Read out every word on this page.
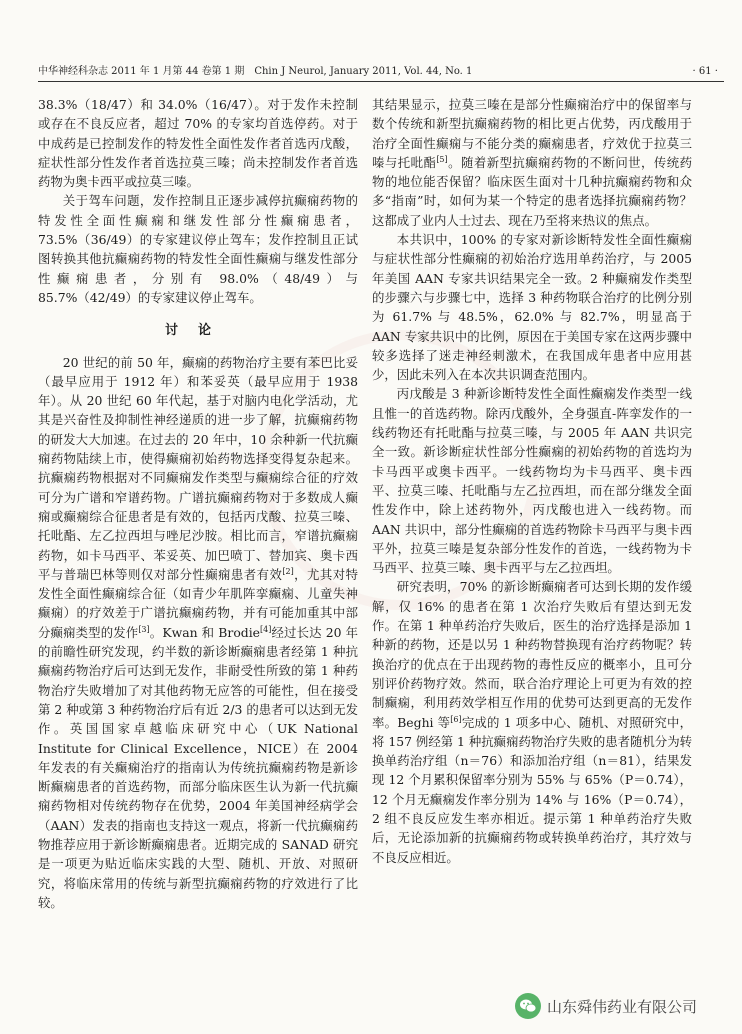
中华神经科杂志 2011 年 1 月第 44 卷第 1 期　Chin J Neurol, January 2011, Vol. 44, No. 1	· 61 ·

38.3%（18/47）和 34.0%（16/47）。对于发作未控制或存在不良反应者，超过 70% 的专家均首选停药。对于中成药是已控制发作的特发性全面性发作者首选丙戊酸，症状性部分性发作者首选拉莫三嗪；尚未控制发作者首选药物为奥卡西平或拉莫三嗪。

关于驾车问题，发作控制且正逐步减停抗癫痫药物的特发性全面性癫痫和继发性部分性癫痫患者，73.5%（36/49）的专家建议停止驾车；发作控制且正试图转换其他抗癫痫药物的特发性全面性癫痫与继发性部分性癫痫患者，分别有 98.0%（48/49）与 85.7%（42/49）的专家建议停止驾车。

讨论

20 世纪的前 50 年，癫痫的药物治疗主要有苯巴比妥（最早应用于 1912 年）和苯妥英（最早应用于 1938 年）。从 20 世纪 60 年代起，基于对脑内电化学活动，尤其是兴奋性及抑制性神经递质的进一步了解，抗癫痫药物的研发大大加速。在过去的 20 年中，10 余种新一代抗癫痫药物陆续上市，使得癫痫初始药物选择变得复杂起来。抗癫痫药物根据对不同癫痫发作类型与癫痫综合征的疗效可分为广谱和窄谱药物。广谱抗癫痫药物对于多数成人癫痫或癫痫综合征患者是有效的，包括丙戊酸、拉莫三嗪、托吡酯、左乙拉西坦与唑尼沙胺。相比而言，窄谱抗癫痫药物，如卡马西平、苯妥英、加巴喷丁、替加宾、奥卡西平与普瑞巴林等则仅对部分性癫痫患者有效[2]，尤其对特发性全面性癫痫综合征（如青少年肌阵挛癫痫、儿童失神癫痫）的疗效差于广谱抗癫痫药物，并有可能加重其中部分癫痫类型的发作[3]。Kwan 和 Brodie[4]经过长达 20 年的前瞻性研究发现，约半数的新诊断癫痫患者经第 1 种抗癫痫药物治疗后可达到无发作，非耐受性所致的第 1 种药物治疗失败增加了对其他药物无应答的可能性，但在接受第 2 种或第 3 种药物治疗后有近 2/3 的患者可以达到无发作。英国国家卓越临床研究中心（UK National Institute for Clinical Excellence，NICE）在 2004 年发表的有关癫痫治疗的指南认为传统抗癫痫药物是新诊断癫痫患者的首选药物，而部分临床医生认为新一代抗癫痫药物相对传统药物存在优势，2004 年美国神经病学会（AAN）发表的指南也支持这一观点，将新一代抗癫痫药物推荐应用于新诊断癫痫患者。近期完成的 SANAD 研究是一项更为贴近临床实践的大型、随机、开放、对照研究，将临床常用的传统与新型抗癫痫药物的疗效进行了比较。

其结果显示，拉莫三嗪在是部分性癫痫治疗中的保留率与数个传统和新型抗癫痫药物的相比更占优势，丙戊酸用于治疗全面性癫痫与不能分类的癫痫患者，疗效优于拉莫三嗪与托吡酯[5]。随着新型抗癫痫药物的不断问世，传统药物的地位能否保留？临床医生面对十几种抗癫痫药物和众多“指南”时，如何为某一个特定的患者选择抗癫痫药物？这都成了业内人士过去、现在乃至将来热议的焦点。

本共识中，100% 的专家对新诊断特发性全面性癫痫与症状性部分性癫痫的初始治疗选用单药治疗，与 2005 年美国 AAN 专家共识结果完全一致。2 种癫痫发作类型的步骤六与步骤七中，选择 3 种药物联合治疗的比例分别为 61.7% 与 48.5%，62.0% 与 82.7%，明显高于 AAN 专家共识中的比例，原因在于美国专家在这两步骤中较多选择了迷走神经刺激术，在我国成年患者中应用甚少，因此未列入在本次共识调查范围内。

丙戊酸是 3 种新诊断特发性全面性癫痫发作类型一线且惟一的首选药物。除丙戊酸外，全身强直-阵挛发作的一线药物还有托吡酯与拉莫三嗪，与 2005 年 AAN 共识完全一致。新诊断症状性部分性癫痫的初始药物的首选均为卡马西平或奥卡西平。一线药物均为卡马西平、奥卡西平、拉莫三嗪、托吡酯与左乙拉西坦，而在部分继发全面性发作中，除上述药物外，丙戊酸也进入一线药物。而 AAN 共识中，部分性癫痫的首选药物除卡马西平与奥卡西平外，拉莫三嗪是复杂部分性发作的首选，一线药物为卡马西平、拉莫三嗪、奥卡西平与左乙拉西坦。

研究表明，70% 的新诊断癫痫者可达到长期的发作缓解，仅 16% 的患者在第 1 次治疗失败后有望达到无发作。在第 1 种单药治疗失败后，医生的治疗选择是添加 1 种新的药物，还是以另 1 种药物替换现有治疗药物呢？转换治疗的优点在于出现药物的毒性反应的概率小，且可分别评价药物疗效。然而，联合治疗理论上可更为有效的控制癫痫，利用药效学相互作用的优势可达到更高的无发作率。Beghi 等[6]完成的 1 项多中心、随机、对照研究中，将 157 例经第 1 种抗癫痫药物治疗失败的患者随机分为转换单药治疗组（n＝76）和添加治疗组（n＝81），结果发现 12 个月累积保留率分别为 55% 与 65%（P＝0.74），12 个月无癫痫发作率分别为 14% 与 16%（P＝0.74），2 组不良反应发生率亦相近。提示第 1 种单药治疗失败后，无论添加新的抗癫痫药物或转换单药治疗，其疗效与不良反应相近。

山东舜伟药业有限公司
